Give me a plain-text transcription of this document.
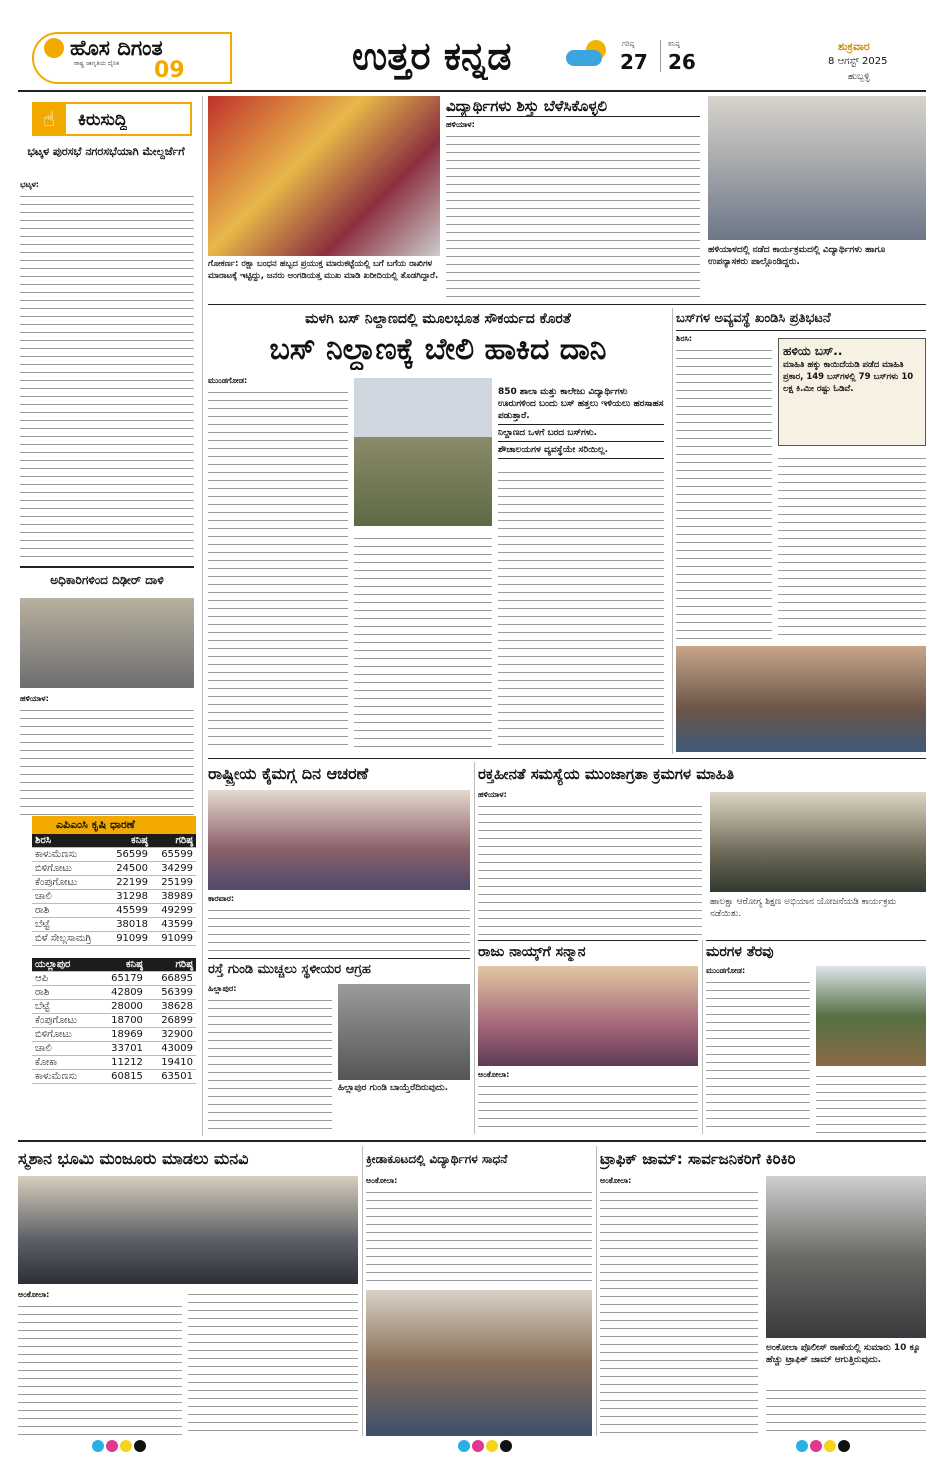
ಹೊಸ ದಿಗಂತ
ರಾಷ್ಟ್ರ ಜಾಗೃತಿಯ ದೈನಿಕ 09	ಉತ್ತರ ಕನ್ನಡ	ಗರಿಷ್ಠ
27
ಕನಿಷ್ಠ
26
ಶುಕ್ರವಾರ
8 ಆಗಸ್ಟ್ 2025
ಹುಬ್ಬಳ್ಳಿ
☝	ಕಿರುಸುದ್ದಿ
ಭಟ್ಕಳ ಪುರಸಭೆ ನಗರಸಭೆಯಾಗಿ ಮೇಲ್ದರ್ಜೆಗೆ
ಭಟ್ಕಳ:
ಅಧಿಕಾರಿಗಳಿಂದ ದಿಢೀರ್ ದಾಳಿ
ಹಳಿಯಾಳ:
ಎಪಿಎಂಸಿ ಕೃಷಿ ಧಾರಣೆ
ಶಿರಸಿ	ಕನಿಷ್ಠ	ಗರಿಷ್ಠ
ಕಾಳುಮೆಣಸು	56599	65599
ಬಿಳಿಗೋಟು	24500	34299
ಕೆಂಪುಗೋಟು	22199	25199
ಚಾಲಿ	31298	38989
ರಾಶಿ	45599	49299
ಬೆಟ್ಟೆ	38018	43599
ಬಿಳೆ ಸೇಲ್ಲಸಾಮಗ್ರಿ	91099	91099
ಯಲ್ಲಾಪುರ	ಕನಿಷ್ಠ	ಗರಿಷ್ಠ
ಆಪಿ	65179	66895
ರಾಶಿ	42809	56399
ಬೆಟ್ಟೆ	28000	38628
ಕೆಂಪುಗೋಟು	18700	26899
ಬಿಳಿಗೋಟು	18969	32900
ಚಾಲಿ	33701	43009
ಕೋಕಾ	11212	19410
ಕಾಳುಮೆಣಸು	60815	63501
ಗೋಕರ್ಣ: ರಕ್ಷಾ ಬಂಧನ ಹಬ್ಬದ ಪ್ರಯುಕ್ತ ಮಾರುಕಟ್ಟೆಯಲ್ಲಿ ಬಗೆ ಬಗೆಯ ರಾಖಿಗಳ ಮಾರಾಟಕ್ಕೆ ಇಟ್ಟಿದ್ದು, ಜನರು ಆಂಗಡಿಯತ್ತ ಮುಖ ಮಾಡಿ ಖರೀದಿಯಲ್ಲಿ ತೊಡಗಿದ್ದಾರೆ.
ವಿದ್ಯಾರ್ಥಿಗಳು ಶಿಸ್ತು ಬೆಳೆಸಿಕೊಳ್ಳಲಿ
ಹಳಿಯಾಳ:
ಹಳಿಯಾಳದಲ್ಲಿ ನಡೆದ ಕಾರ್ಯಕ್ರಮದಲ್ಲಿ ವಿದ್ಯಾರ್ಥಿಗಳು ಹಾಗೂ ಉಪನ್ಯಾಸಕರು ಪಾಲ್ಗೊಂಡಿದ್ದರು.
ಮಳಗಿ ಬಸ್ ನಿಲ್ದಾಣದಲ್ಲಿ ಮೂಲಭೂತ ಸೌಕರ್ಯದ ಕೊರತೆ
ಬಸ್ ನಿಲ್ದಾಣಕ್ಕೆ ಬೇಲಿ ಹಾಕಿದ ದಾನಿ
ಮುಂಡಗೋಡ:
850 ಶಾಲಾ ಮತ್ತು ಕಾಲೇಜು ವಿದ್ಯಾರ್ಥಿಗಳು ಊರುಗಳಿಂದ ಬಂದು ಬಸ್ ಹತ್ತಲು ಇಳಿಯಲು ಹರಸಾಹಸ ಪಡುತ್ತಾರೆ.
ನಿಲ್ದಾಣದ ಒಳಗೆ ಬರದ ಬಸ್‌ಗಳು.
ಶೌಚಾಲಯಗಳ ವ್ಯವಸ್ಥೆಯೇ ಸರಿಯಿಲ್ಲ.
ಬಸ್‌ಗಳ ಅವ್ಯವಸ್ಥೆ ಖಂಡಿಸಿ ಪ್ರತಿಭಟನೆ
ಶಿರಸಿ:
ಹಳಿಯ ಬಸ್..
ಮಾಹಿತಿ ಹಕ್ಕು ಕಾಯಿದೆಯಡಿ ಪಡೆದ ಮಾಹಿತಿ ಪ್ರಕಾರ, 149 ಬಸ್‌ಗಳಲ್ಲಿ 79 ಬಸ್‌ಗಳು 10 ಲಕ್ಷ ಕಿ.ಮೀ ರಷ್ಟು ಓಡಿವೆ.
ರಾಷ್ಟ್ರೀಯ ಕೈಮಗ್ಗ ದಿನ ಆಚರಣೆ
ಕಾರವಾರ:
ರಕ್ತಹೀನತೆ ಸಮಸ್ಯೆಯ ಮುಂಜಾಗ್ರತಾ ಕ್ರಮಗಳ ಮಾಹಿತಿ
ಹಳಿಯಾಳ:
ಹಾಲಕ್ಷಾ ಆರೋಗ್ಯ ಶಿಕ್ಷಣ ಅಭಿಯಾನ ಯೋಜನೆಯಡಿ ಕಾರ್ಯಕ್ರಮ ನಡೆಯಿತು.
ರಸ್ತೆ ಗುಂಡಿ ಮುಚ್ಚಲು ಸ್ಥಳೀಯರ ಆಗ್ರಹ
ಹಿಲ್ಲಾಪುರ:
ಹಿಲ್ಲಾಪುರ ಗುಂಡಿ ಬಾಯ್ತೆರೆದಿರುವುದು.
ರಾಜು ನಾಯ್ಕ್‌ಗೆ ಸನ್ಮಾನ
ಅಂಕೋಲಾ:
ಮರಗಳ ತೆರವು
ಮುಂಡಗೋಡ:
ಸ್ಮಶಾನ ಭೂಮಿ ಮಂಜೂರು ಮಾಡಲು ಮನವಿ
ಅಂಕೋಲಾ:
ಕ್ರೀಡಾಕೂಟದಲ್ಲಿ ವಿದ್ಯಾರ್ಥಿಗಳ ಸಾಧನೆ
ಅಂಕೋಲಾ:
ಟ್ರಾಫಿಕ್ ಜಾಮ್: ಸಾರ್ವಜನಿಕರಿಗೆ ಕಿರಿಕಿರಿ
ಅಂಕೋಲಾ:
ಅಂಕೋಲಾ ಪೊಲೀಸ್ ಠಾಣೆಯಲ್ಲಿ ಸುಮಾರು 10 ಕ್ಕೂ ಹೆಚ್ಚು ಟ್ರಾಫಿಕ್ ಜಾಮ್ ಆಗುತ್ತಿರುವುದು.
